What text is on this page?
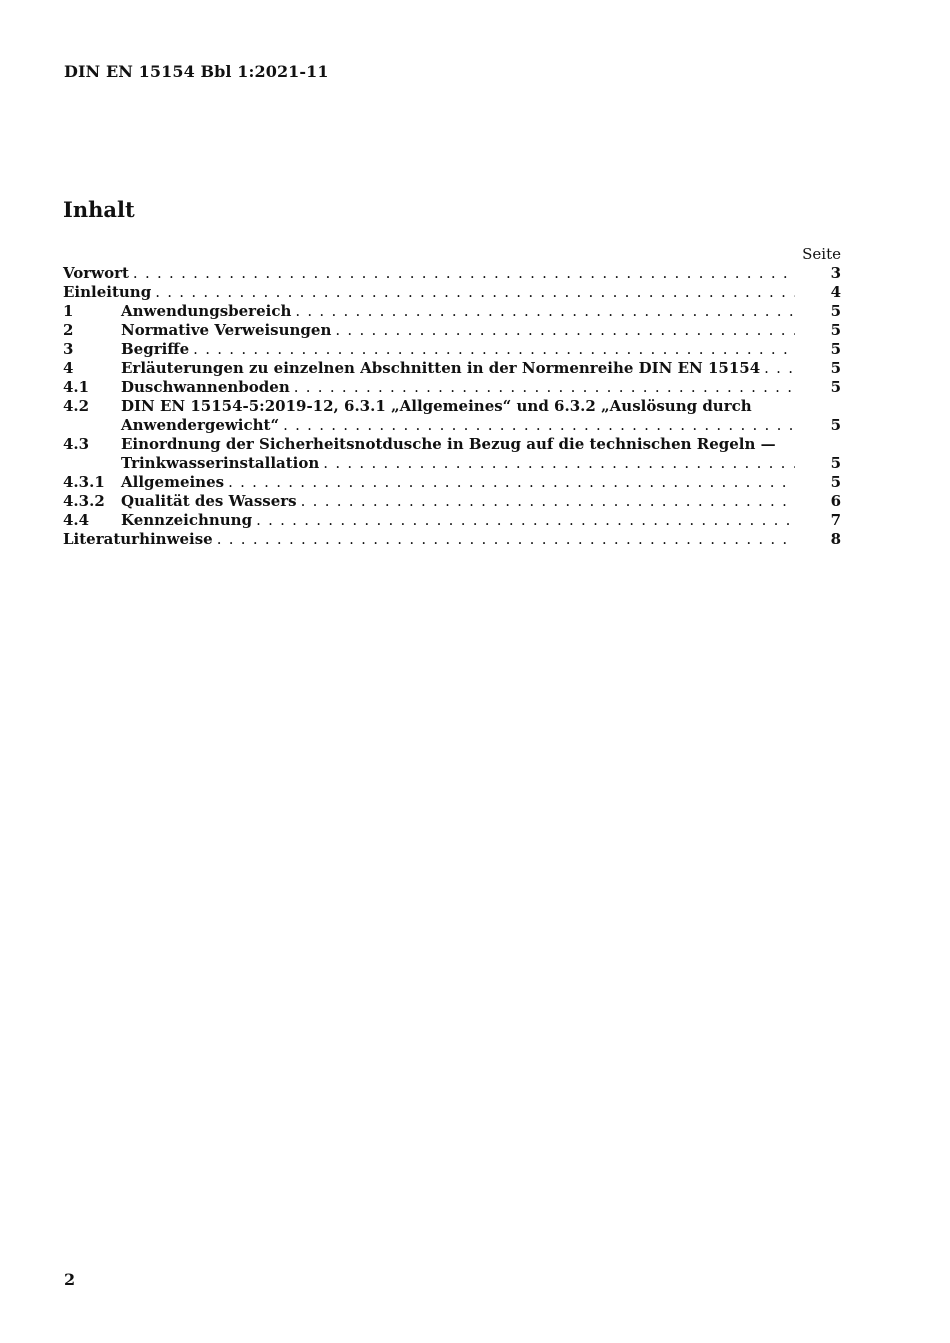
DIN EN 15154 Bbl 1:2021-11
Inhalt
Seite
Vorwort . . .	3
Einleitung . . .	4
1	Anwendungsbereich . . .	5
2	Normative Verweisungen . . .	5
3	Begriffe . . .	5
4	Erläuterungen zu einzelnen Abschnitten in der Normenreihe DIN EN 15154 . . .	5
4.1	Duschwannenboden . . .	5
4.2	DIN EN 15154-5:2019-12, 6.3.1 „Allgemeines“ und 6.3.2 „Auslösung durch
Anwendergewicht“ . . .	5
4.3	Einordnung der Sicherheitsnotdusche in Bezug auf die technischen Regeln —
Trinkwasserinstallation . . .	5
4.3.1	Allgemeines . . .	5
4.3.2	Qualität des Wassers . . .	6
4.4	Kennzeichnung . . .	7
Literaturhinweise . . .	8
2
